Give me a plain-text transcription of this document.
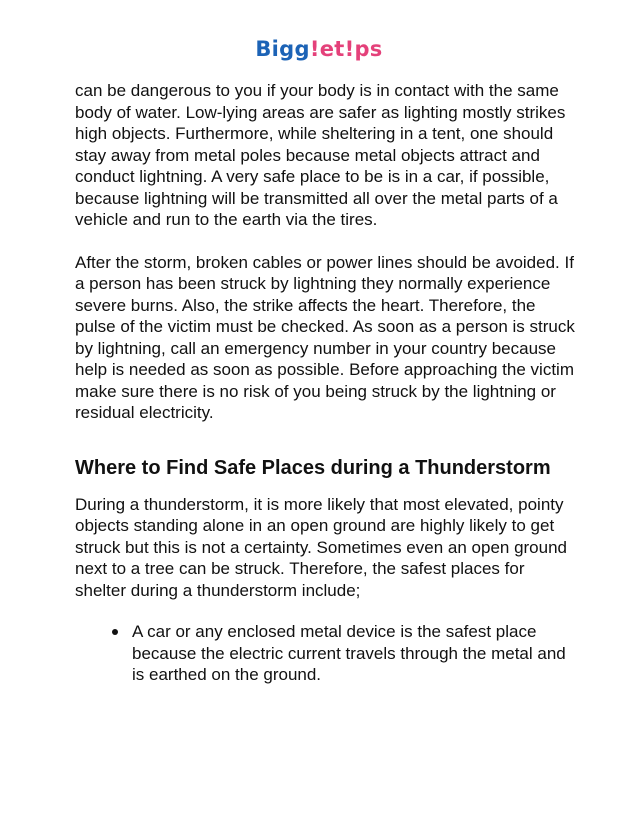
Bigg!et!ps

can be dangerous to you if your body is in contact with the same body of water. Low-lying areas are safer as lighting mostly strikes high objects. Furthermore, while sheltering in a tent, one should stay away from metal poles because metal objects attract and conduct lightning. A very safe place to be is in a car, if possible, because lightning will be transmitted all over the metal parts of a vehicle and run to the earth via the tires.

After the storm, broken cables or power lines should be avoided. If a person has been struck by lightning they normally experience severe burns. Also, the strike affects the heart. Therefore, the pulse of the victim must be checked. As soon as a person is struck by lightning, call an emergency number in your country because help is needed as soon as possible. Before approaching the victim make sure there is no risk of you being struck by the lightning or residual electricity.

Where to Find Safe Places during a Thunderstorm

During a thunderstorm, it is more likely that most elevated, pointy objects standing alone in an open ground are highly likely to get struck but this is not a certainty. Sometimes even an open ground next to a tree can be struck. Therefore, the safest places for shelter during a thunderstorm include;

A car or any enclosed metal device is the safest place because the electric current travels through the metal and is earthed on the ground.
